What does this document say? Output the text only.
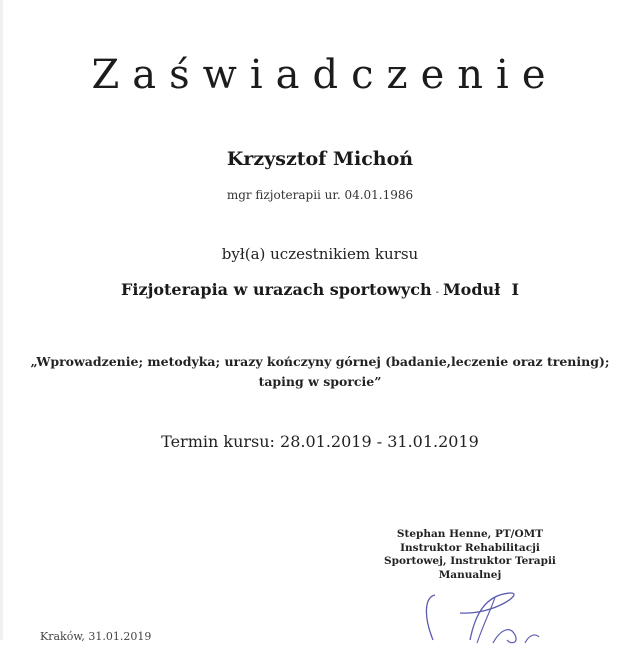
Zaświadczenie
Krzysztof Michoń
mgr fizjoterapii ur. 04.01.1986
był(a) uczestnikiem kursu
Fizjoterapia w urazach sportowych - Moduł  I
„Wprowadzenie; metodyka; urazy kończyny górnej (badanie,leczenie oraz trening);
taping w sporcie”
Termin kursu: 28.01.2019 - 31.01.2019
Stephan Henne, PT/OMT
Instruktor Rehabilitacji
Sportowej, Instruktor Terapii
Manualnej
Kraków, 31.01.2019
